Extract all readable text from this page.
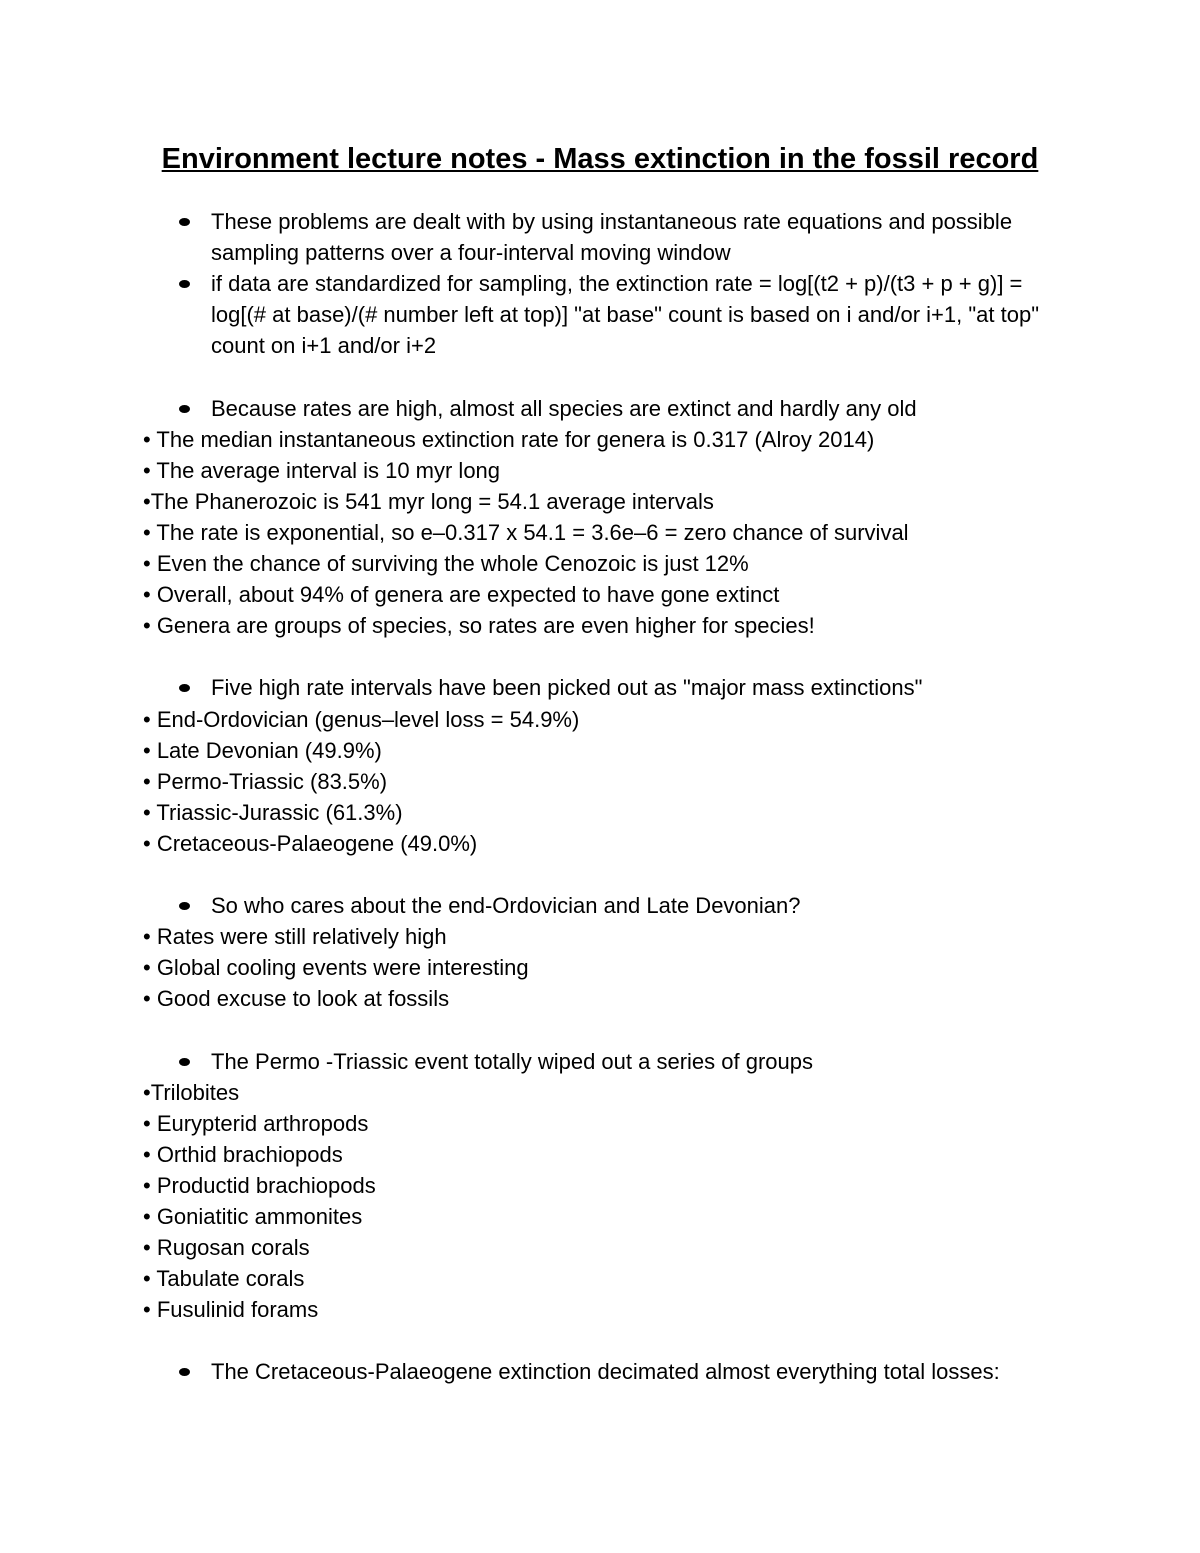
Environment lecture notes - Mass extinction in the fossil record
These problems are dealt with by using instantaneous rate equations and possible sampling patterns over a four-interval moving window
if data are standardized for sampling, the extinction rate = log[(t2 + p)/(t3 + p + g)] = log[(# at base)/(# number left at top)] "at base" count is based on i and/or i+1, "at top" count on i+1 and/or i+2
Because rates are high, almost all species are extinct and hardly any old
• The median instantaneous extinction rate for genera is 0.317 (Alroy 2014)
• The average interval is 10 myr long
•The Phanerozoic is 541 myr long = 54.1 average intervals
• The rate is exponential, so e–0.317 x 54.1 = 3.6e–6 = zero chance of survival
• Even the chance of surviving the whole Cenozoic is just 12%
• Overall, about 94% of genera are expected to have gone extinct
• Genera are groups of species, so rates are even higher for species!
Five high rate intervals have been picked out as "major mass extinctions"
• End-Ordovician (genus–level loss = 54.9%)
• Late Devonian (49.9%)
• Permo-Triassic (83.5%)
• Triassic-Jurassic (61.3%)
• Cretaceous-Palaeogene (49.0%)
So who cares about the end-Ordovician and Late Devonian?
• Rates were still relatively high
• Global cooling events were interesting
• Good excuse to look at fossils
The Permo -Triassic event totally wiped out a series of groups
•Trilobites
• Eurypterid arthropods
• Orthid brachiopods
• Productid brachiopods
• Goniatitic ammonites
• Rugosan corals
• Tabulate corals
• Fusulinid forams
The Cretaceous-Palaeogene extinction decimated almost everything total losses:
